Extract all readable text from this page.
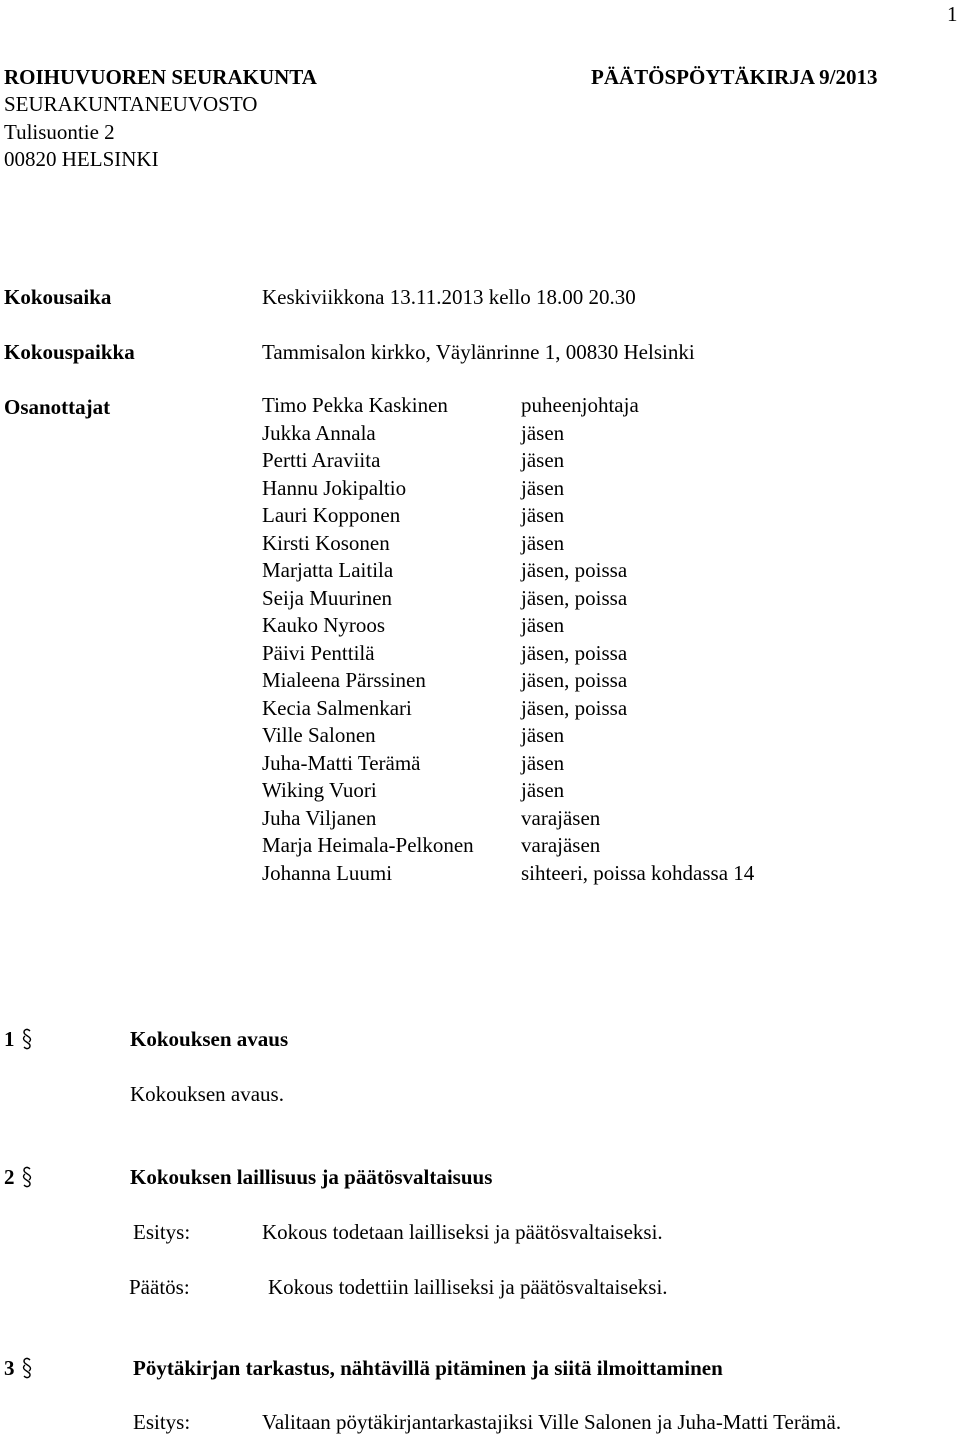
1
ROIHUVUOREN SEURAKUNTA	PÄÄTÖSPÖYTÄKIRJA 9/2013
SEURAKUNTANEUVOSTO
Tulisuontie 2
00820 HELSINKI
Kokousaika	Keskiviikkona 13.11.2013 kello 18.00 20.30
Kokouspaikka	Tammisalon kirkko, Väylänrinne 1, 00830 Helsinki
Osanottajat	Timo Pekka Kaskinen	puheenjohtaja
Jukka Annala	jäsen
Pertti Araviita	jäsen
Hannu Jokipaltio	jäsen
Lauri Kopponen	jäsen
Kirsti Kosonen	jäsen
Marjatta Laitila	jäsen, poissa
Seija Muurinen	jäsen, poissa
Kauko Nyroos	jäsen
Päivi Penttilä	jäsen, poissa
Mialeena Pärssinen	jäsen, poissa
Kecia Salmenkari	jäsen, poissa
Ville Salonen	jäsen
Juha-Matti Terämä	jäsen
Wiking Vuori	jäsen
Juha Viljanen	varajäsen
Marja Heimala-Pelkonen varajäsen
Johanna Luumi	sihteeri, poissa kohdassa 14
1	Kokouksen avaus
Kokouksen avaus.
2	Kokouksen laillisuus ja päätösvaltaisuus
Esitys:	Kokous todetaan lailliseksi ja päätösvaltaiseksi.
Päätös:	Kokous todettiin lailliseksi ja päätösvaltaiseksi.
3	Pöytäkirjan tarkastus, nähtävillä pitäminen ja siitä ilmoittaminen
Esitys:	Valitaan pöytäkirjantarkastajiksi Ville Salonen ja Juha-Matti Terämä.
